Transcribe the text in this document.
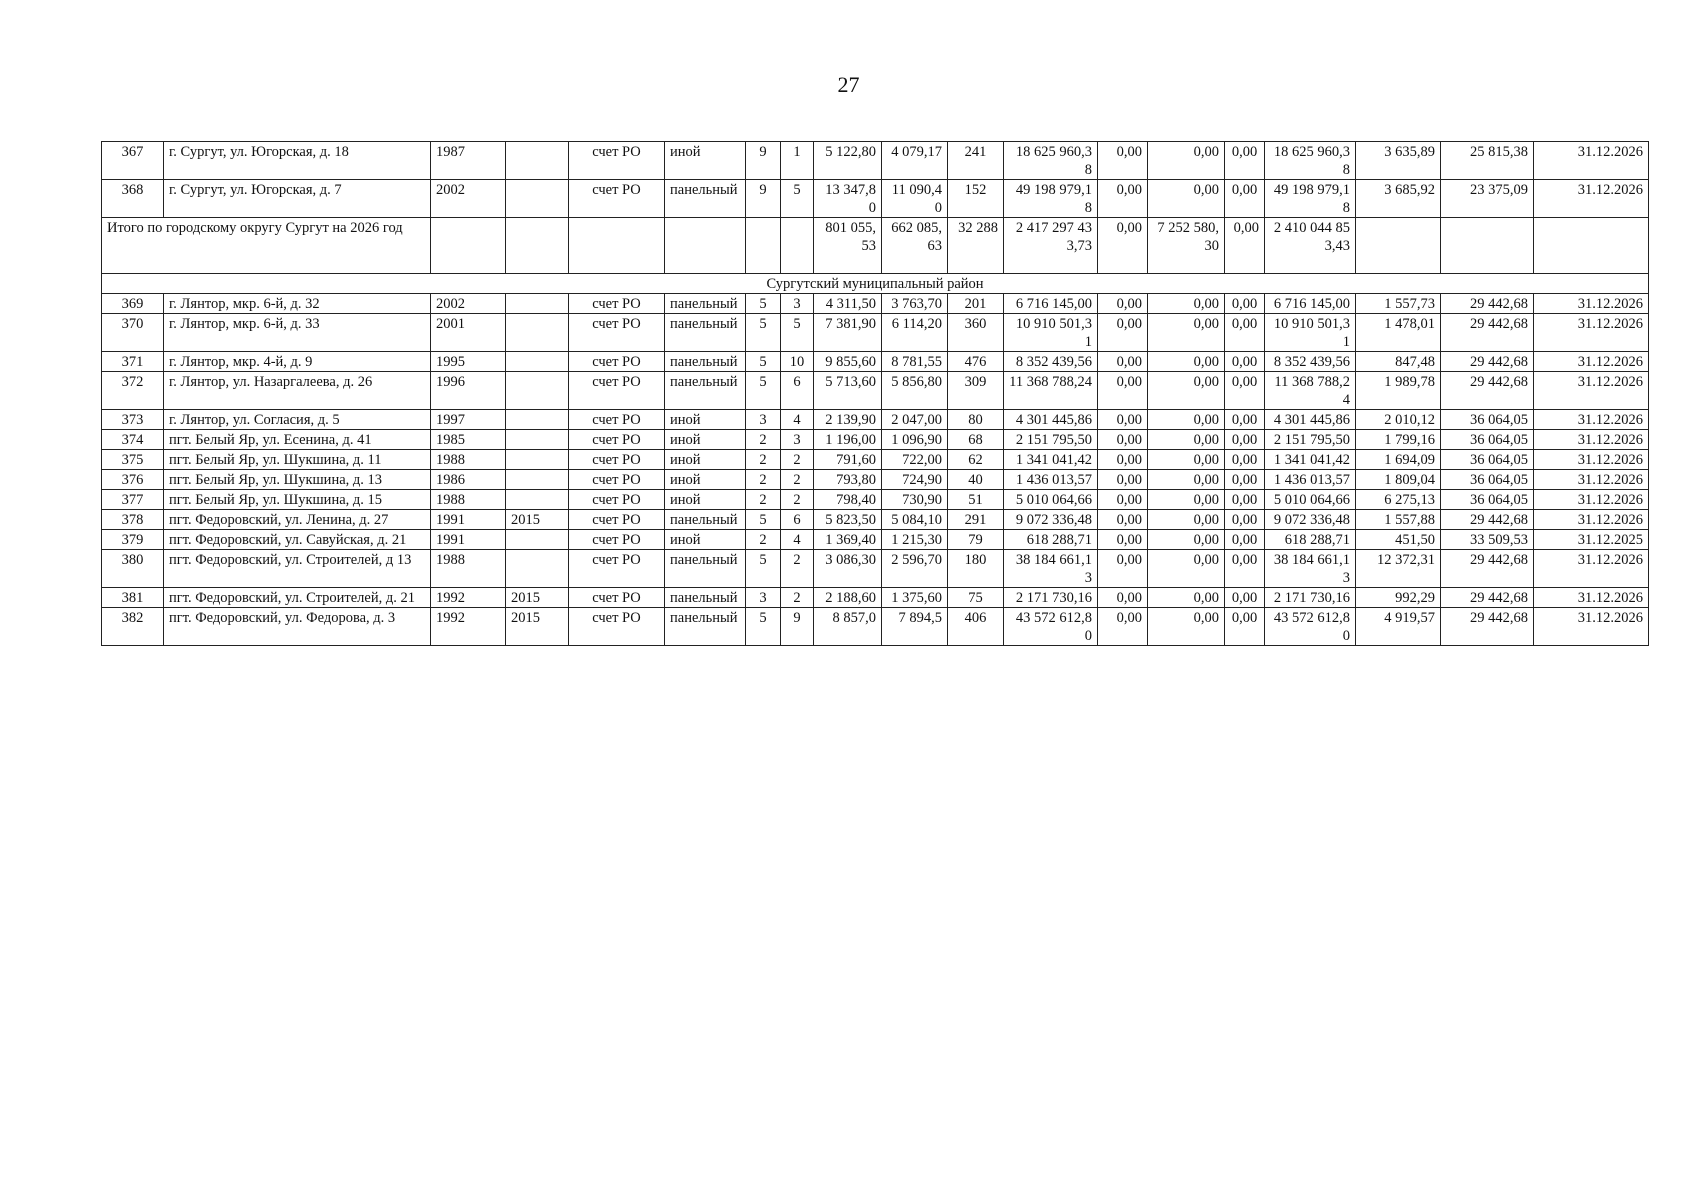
27
367	г. Сургут, ул. Югорская, д. 18	1987		счет РО	иной	9	1	5 122,80	4 079,17	241	18 625 960,38	0,00	0,00	0,00	18 625 960,38	3 635,89	25 815,38	31.12.2026
368	г. Сургут, ул. Югорская, д. 7	2002		счет РО	панельный	9	5	13 347,80	11 090,40	152	49 198 979,18	0,00	0,00	0,00	49 198 979,18	3 685,92	23 375,09	31.12.2026
Итого по городскому округу Сургут на 2026 год								801 055,53	662 085,63	32 288	2 417 297 433,73	0,00	7 252 580,30	0,00	2 410 044 853,43			
Сургутский муниципальный район																		
369	г. Лянтор, мкр. 6-й, д. 32	2002		счет РО	панельный	5	3	4 311,50	3 763,70	201	6 716 145,00	0,00	0,00	0,00	6 716 145,00	1 557,73	29 442,68	31.12.2026
370	г. Лянтор, мкр. 6-й, д. 33	2001		счет РО	панельный	5	5	7 381,90	6 114,20	360	10 910 501,31	0,00	0,00	0,00	10 910 501,31	1 478,01	29 442,68	31.12.2026
371	г. Лянтор, мкр. 4-й, д. 9	1995		счет РО	панельный	5	10	9 855,60	8 781,55	476	8 352 439,56	0,00	0,00	0,00	8 352 439,56	847,48	29 442,68	31.12.2026
372	г. Лянтор, ул. Назаргалеева, д. 26	1996		счет РО	панельный	5	6	5 713,60	5 856,80	309	11 368 788,24	0,00	0,00	0,00	11 368 788,24	1 989,78	29 442,68	31.12.2026
373	г. Лянтор, ул. Согласия, д. 5	1997		счет РО	иной	3	4	2 139,90	2 047,00	80	4 301 445,86	0,00	0,00	0,00	4 301 445,86	2 010,12	36 064,05	31.12.2026
374	пгт. Белый Яр, ул. Есенина, д. 41	1985		счет РО	иной	2	3	1 196,00	1 096,90	68	2 151 795,50	0,00	0,00	0,00	2 151 795,50	1 799,16	36 064,05	31.12.2026
375	пгт. Белый Яр, ул. Шукшина, д. 11	1988		счет РО	иной	2	2	791,60	722,00	62	1 341 041,42	0,00	0,00	0,00	1 341 041,42	1 694,09	36 064,05	31.12.2026
376	пгт. Белый Яр, ул. Шукшина, д. 13	1986		счет РО	иной	2	2	793,80	724,90	40	1 436 013,57	0,00	0,00	0,00	1 436 013,57	1 809,04	36 064,05	31.12.2026
377	пгт. Белый Яр, ул. Шукшина, д. 15	1988		счет РО	иной	2	2	798,40	730,90	51	5 010 064,66	0,00	0,00	0,00	5 010 064,66	6 275,13	36 064,05	31.12.2026
378	пгт. Федоровский, ул. Ленина, д. 27	1991	2015	счет РО	панельный	5	6	5 823,50	5 084,10	291	9 072 336,48	0,00	0,00	0,00	9 072 336,48	1 557,88	29 442,68	31.12.2026
379	пгт. Федоровский, ул. Савуйская, д. 21	1991		счет РО	иной	2	4	1 369,40	1 215,30	79	618 288,71	0,00	0,00	0,00	618 288,71	451,50	33 509,53	31.12.2025
380	пгт. Федоровский, ул. Строителей, д 13	1988		счет РО	панельный	5	2	3 086,30	2 596,70	180	38 184 661,13	0,00	0,00	0,00	38 184 661,13	12 372,31	29 442,68	31.12.2026
381	пгт. Федоровский, ул. Строителей, д. 21	1992	2015	счет РО	панельный	3	2	2 188,60	1 375,60	75	2 171 730,16	0,00	0,00	0,00	2 171 730,16	992,29	29 442,68	31.12.2026
382	пгт. Федоровский, ул. Федорова, д. 3	1992	2015	счет РО	панельный	5	9	8 857,0	7 894,5	406	43 572 612,80	0,00	0,00	0,00	43 572 612,80	4 919,57	29 442,68	31.12.2026
